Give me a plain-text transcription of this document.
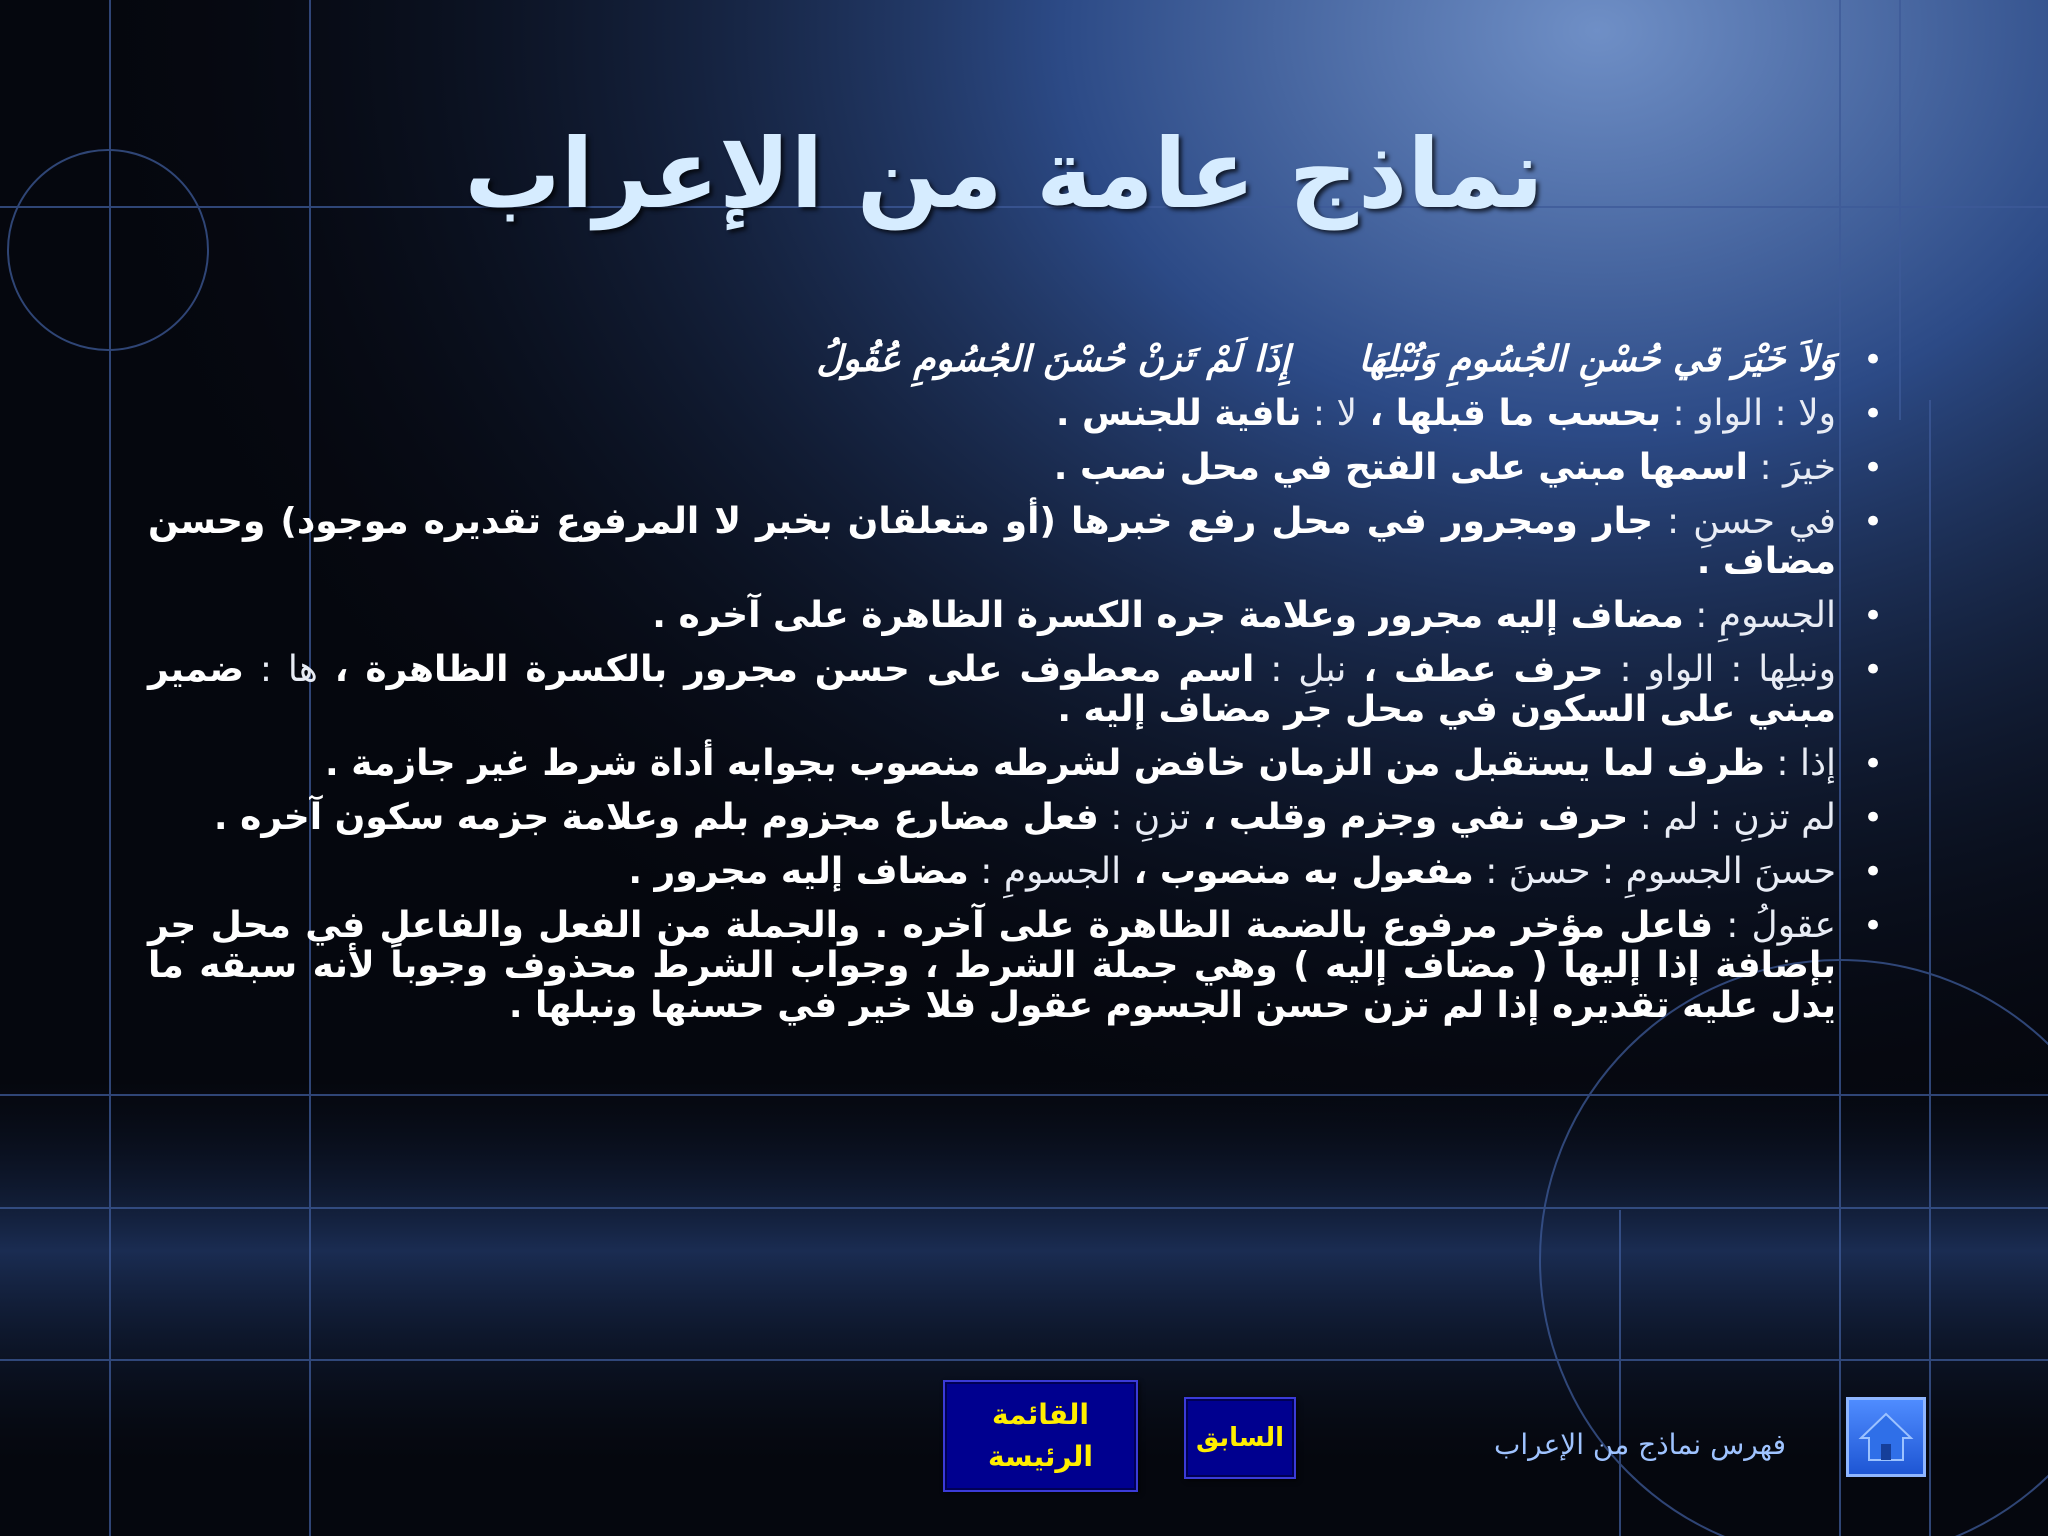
نماذج عامة من الإعراب
•
وَلاَ خَيْرَ قي حُسْنِ الجُسُومِ وَنُبْلِهَا      إِذَا لَمْ تَزنْ حُسْنَ الجُسُومِ عُقُولُ
•
ولا : الواو : بحسب ما قبلها ، لا : نافية للجنس .
•
خيرَ : اسمها مبني على الفتح في محل نصب .
•
في حسنِ : جار ومجرور في محل رفع خبرها (أو متعلقان بخبر لا المرفوع تقديره موجود) وحسن مضاف .
•
الجسومِ : مضاف إليه مجرور وعلامة جره الكسرة الظاهرة على آخره .
•
ونبلِها : الواو : حرف عطف ، نبلِ : اسم معطوف على حسن مجرور بالكسرة الظاهرة ، ها : ضمير مبني على السكون في محل جر مضاف إليه .
•
إذا : ظرف لما يستقبل من الزمان خافض لشرطه منصوب بجوابه أداة شرط غير جازمة .
•
لم تزنِ : لم : حرف نفي وجزم وقلب ، تزنِ : فعل مضارع مجزوم بلم وعلامة جزمه سكون آخره .
•
حسنَ الجسومِ : حسنَ : مفعول به منصوب ، الجسومِ : مضاف إليه مجرور .
•
عقولُ : فاعل مؤخر مرفوع بالضمة الظاهرة على آخره . والجملة من الفعل والفاعل في محل جر بإضافة إذا إليها ( مضاف إليه ) وهي جملة الشرط ، وجواب الشرط محذوف وجوباً لأنه سبقه ما يدل عليه تقديره إذا لم تزن حسن الجسوم عقول فلا خير في حسنها ونبلها .
القائمة الرئيسة
السابق	فهرس نماذج من الإعراب
